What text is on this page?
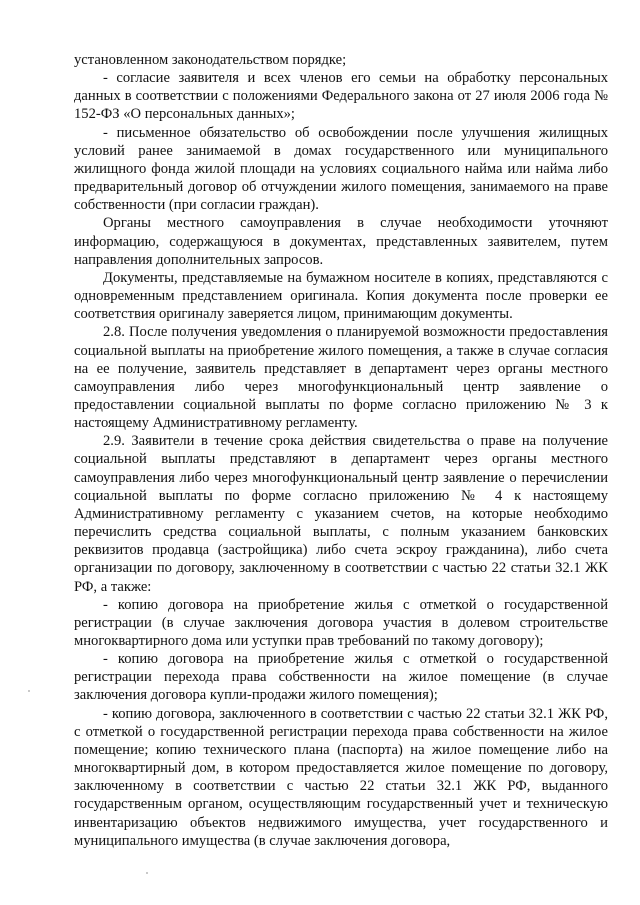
установленном законодательством порядке;

- согласие заявителя и всех членов его семьи на обработку персональных данных в соответствии с положениями Федерального закона от 27 июля 2006 года № 152-ФЗ «О персональных данных»;

- письменное обязательство об освобождении после улучшения жилищных условий ранее занимаемой в домах государственного или муниципального жилищного фонда жилой площади на условиях социального найма или найма либо предварительный договор об отчуждении жилого помещения, занимаемого на праве собственности (при согласии граждан).

Органы местного самоуправления в случае необходимости уточняют информацию, содержащуюся в документах, представленных заявителем, путем направления дополнительных запросов.

Документы, представляемые на бумажном носителе в копиях, представляются с одновременным представлением оригинала. Копия документа после проверки ее соответствия оригиналу заверяется лицом, принимающим документы.

2.8. После получения уведомления о планируемой возможности предоставления социальной выплаты на приобретение жилого помещения, а также в случае согласия на ее получение, заявитель представляет в департамент через органы местного самоуправления либо через многофункциональный центр заявление о предоставлении социальной выплаты по форме согласно приложению № 3 к настоящему Административному регламенту.

2.9. Заявители в течение срока действия свидетельства о праве на получение социальной выплаты представляют в департамент через органы местного самоуправления либо через многофункциональный центр заявление о перечислении социальной выплаты по форме согласно приложению № 4 к настоящему Административному регламенту с указанием счетов, на которые необходимо перечислить средства социальной выплаты, с полным указанием банковских реквизитов продавца (застройщика) либо счета эскроу гражданина), либо счета организации по договору, заключенному в соответствии с частью 22 статьи 32.1 ЖК РФ, а также:

- копию договора на приобретение жилья с отметкой о государственной регистрации (в случае заключения договора участия в долевом строительстве многоквартирного дома или уступки прав требований по такому договору);

- копию договора на приобретение жилья с отметкой о государственной регистрации перехода права собственности на жилое помещение (в случае заключения договора купли-продажи жилого помещения);

- копию договора, заключенного в соответствии с частью 22 статьи 32.1 ЖК РФ, с отметкой о государственной регистрации перехода права собственности на жилое помещение; копию технического плана (паспорта) на жилое помещение либо на многоквартирный дом, в котором предоставляется жилое помещение по договору, заключенному в соответствии с частью 22 статьи 32.1 ЖК РФ, выданного государственным органом, осуществляющим государственный учет и техническую инвентаризацию объектов недвижимого имущества, учет государственного и муниципального имущества (в случае заключения договора,
